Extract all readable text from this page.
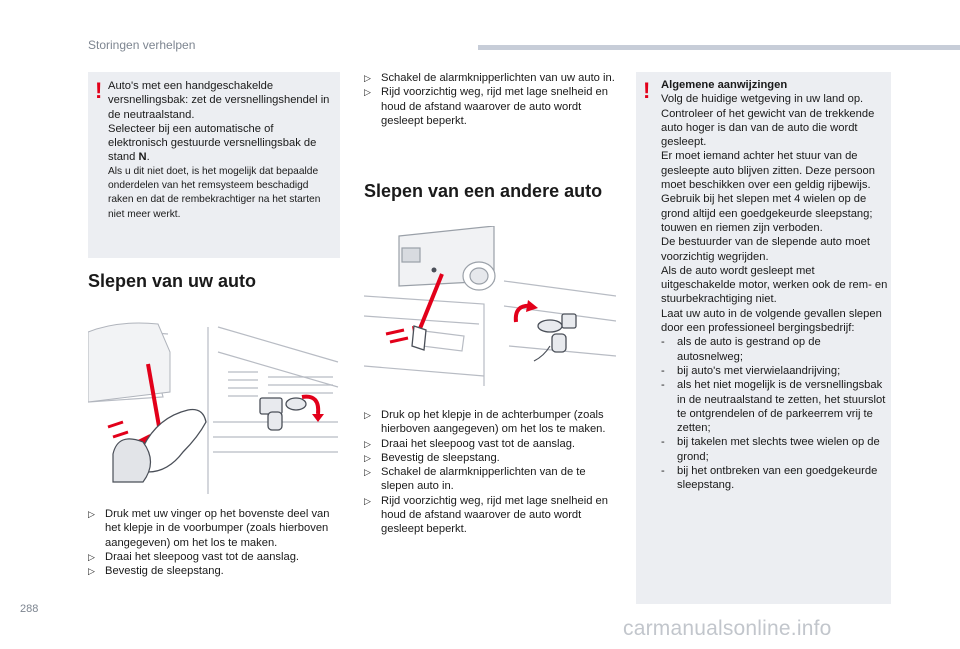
Storingen verhelpen
! Auto's met een handgeschakelde versnellingsbak: zet de versnellingshendel in de neutraalstand.

Selecteer bij een automatische of elektronisch gestuurde versnellingsbak de stand N.

Als u dit niet doet, is het mogelijk dat bepaalde onderdelen van het remsysteem beschadigd raken en dat de rembekrachtiger na het starten niet meer werkt.

Slepen van uw auto
▷ Druk met uw vinger op het bovenste deel van het klepje in de voorbumper (zoals hierboven aangegeven) om het los te maken.
▷ Draai het sleepoog vast tot de aanslag.
▷ Bevestig de sleepstang.
▷ Schakel de alarmknipperlichten van uw auto in.
▷ Rijd voorzichtig weg, rijd met lage snelheid en houd de afstand waarover de auto wordt gesleept beperkt.
Slepen van een andere auto
▷ Druk op het klepje in de achterbumper (zoals hierboven aangegeven) om het los te maken.
▷ Draai het sleepoog vast tot de aanslag.
▷ Bevestig de sleepstang.
▷ Schakel de alarmknipperlichten van de te slepen auto in.
▷ Rijd voorzichtig weg, rijd met lage snelheid en houd de afstand waarover de auto wordt gesleept beperkt.
! Algemene aanwijzingen

Volg de huidige wetgeving in uw land op.

Controleer of het gewicht van de trekkende auto hoger is dan van de auto die wordt gesleept.

Er moet iemand achter het stuur van de gesleepte auto blijven zitten. Deze persoon moet beschikken over een geldig rijbewijs.

Gebruik bij het slepen met 4 wielen op de grond altijd een goedgekeurde sleepstang; touwen en riemen zijn verboden.

De bestuurder van de slepende auto moet voorzichtig wegrijden.

Als de auto wordt gesleept met uitgeschakelde motor, werken ook de rem- en stuurbekrachtiging niet.

Laat uw auto in de volgende gevallen slepen door een professioneel bergingsbedrijf:

- als de auto is gestrand op de autosnelweg;
- bij auto's met vierwielaandrijving;
- als het niet mogelijk is de versnellingsbak in de neutraalstand te zetten, het stuurslot te ontgrendelen of de parkeerrem vrij te zetten;
- bij takelen met slechts twee wielen op de grond;
- bij het ontbreken van een goedgekeurde sleepstang.
288
carmanualsonline.info
